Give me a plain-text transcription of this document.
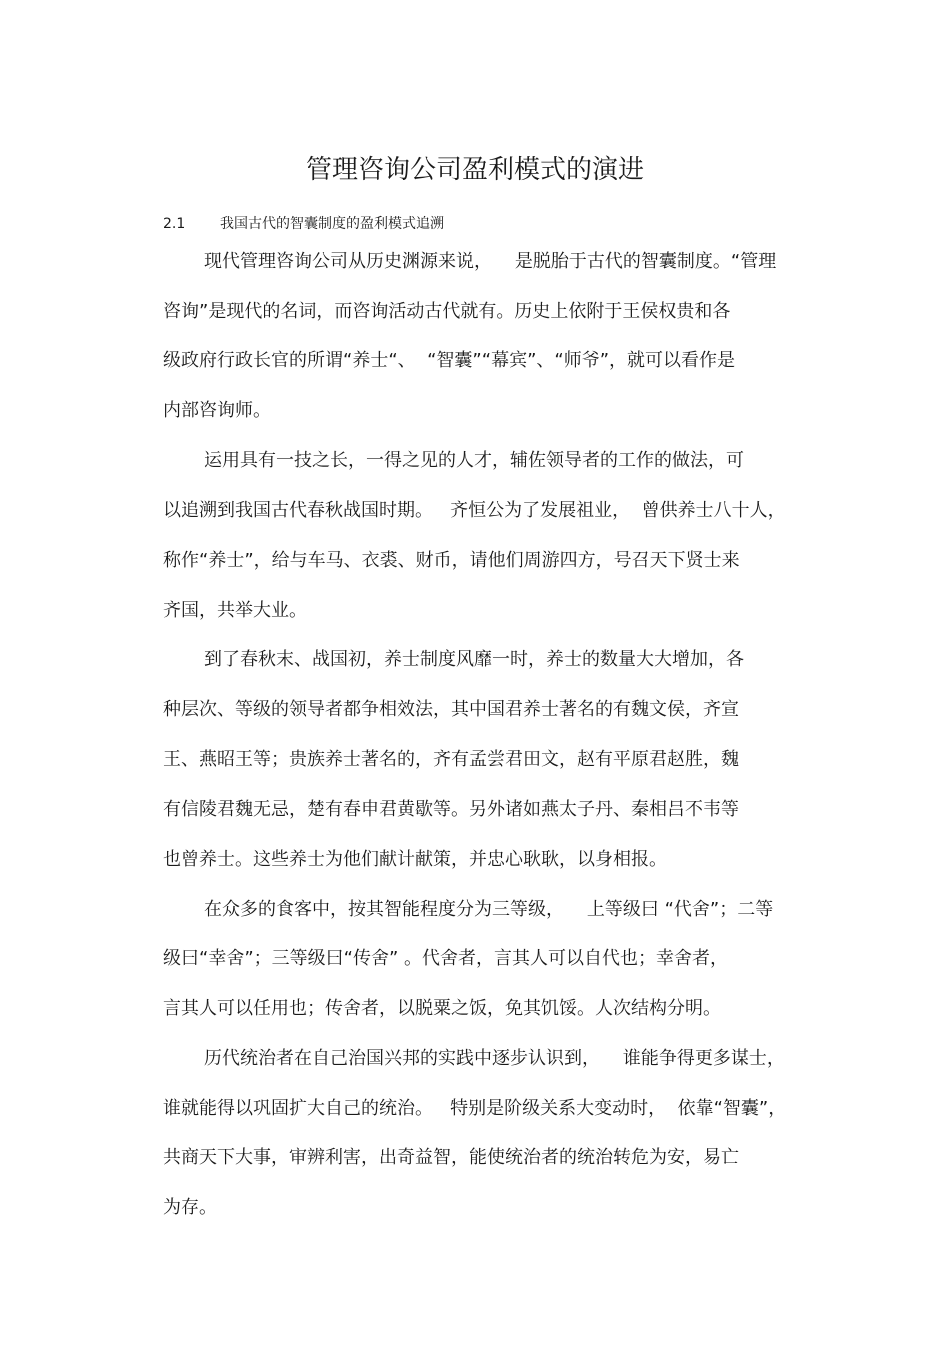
管理咨询公司盈利模式的演进
2.1 我国古代的智囊制度的盈利模式追溯
现代管理咨询公司从历史渊源来说，    是脱胎于古代的智囊制度。“管理
咨询”是现代的名词，而咨询活动古代就有。历史上依附于王侯权贵和各
级政府行政长官的所谓“养士“、  “智囊”“幕宾”、“师爷”，就可以看作是
内部咨询师。
运用具有一技之长，一得之见的人才，辅佐领导者的工作的做法，可
以追溯到我国古代春秋战国时期。   齐恒公为了发展祖业，  曾供养士八十人，
称作“养士”，给与车马、衣裘、财币，请他们周游四方，号召天下贤士来
齐国，共举大业。
到了春秋末、战国初，养士制度风靡一时，养士的数量大大增加，各
种层次、等级的领导者都争相效法，其中国君养士著名的有魏文侯，齐宣
王、燕昭王等；贵族养士著名的，齐有孟尝君田文，赵有平原君赵胜，魏
有信陵君魏无忌，楚有春申君黄歇等。另外诸如燕太子丹、秦相吕不韦等
也曾养士。这些养士为他们献计献策，并忠心耿耿，以身相报。
在众多的食客中，按其智能程度分为三等级，    上等级曰 “代舍”；二等
级曰“幸舍”；三等级曰“传舍” 。代舍者，言其人可以自代也；幸舍者，
言其人可以任用也；传舍者，以脱粟之饭，免其饥馁。人次结构分明。
历代统治者在自己治国兴邦的实践中逐步认识到，    谁能争得更多谋士，
谁就能得以巩固扩大自己的统治。   特别是阶级关系大变动时，  依靠“智囊”，
共商天下大事，审辨利害，出奇益智，能使统治者的统治转危为安，易亡
为存。
